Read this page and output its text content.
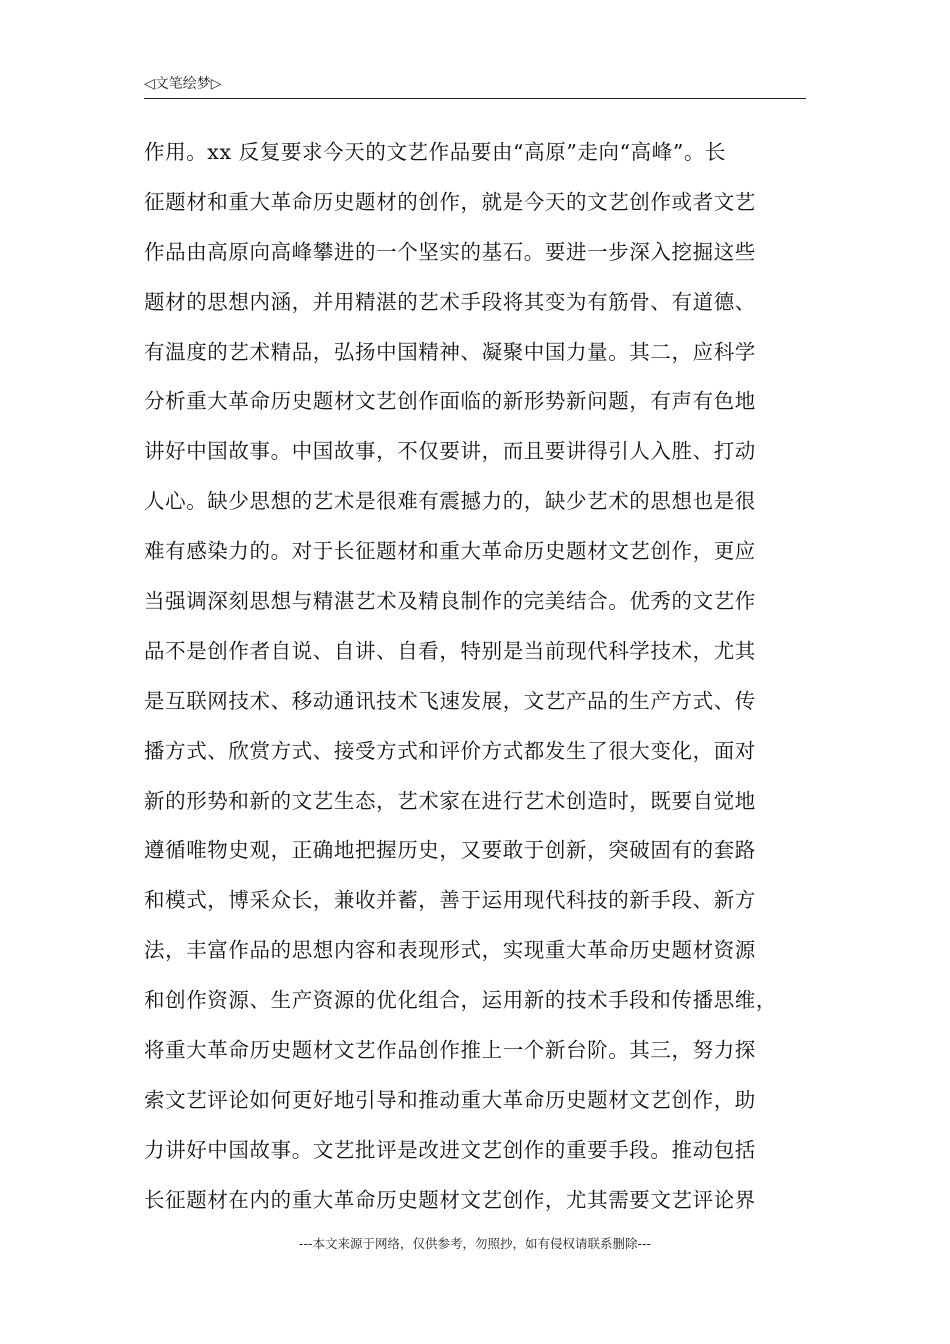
◁文笔绘梦▷
作用。xx 反复要求今天的文艺作品要由“高原”走向“高峰”。长
征题材和重大革命历史题材的创作，就是今天的文艺创作或者文艺
作品由高原向高峰攀进的一个坚实的基石。要进一步深入挖掘这些
题材的思想内涵，并用精湛的艺术手段将其变为有筋骨、有道德、
有温度的艺术精品，弘扬中国精神、凝聚中国力量。其二，应科学
分析重大革命历史题材文艺创作面临的新形势新问题，有声有色地
讲好中国故事。中国故事，不仅要讲，而且要讲得引人入胜、打动
人心。缺少思想的艺术是很难有震撼力的，缺少艺术的思想也是很
难有感染力的。对于长征题材和重大革命历史题材文艺创作，更应
当强调深刻思想与精湛艺术及精良制作的完美结合。优秀的文艺作
品不是创作者自说、自讲、自看，特别是当前现代科学技术，尤其
是互联网技术、移动通讯技术飞速发展，文艺产品的生产方式、传
播方式、欣赏方式、接受方式和评价方式都发生了很大变化，面对
新的形势和新的文艺生态，艺术家在进行艺术创造时，既要自觉地
遵循唯物史观，正确地把握历史，又要敢于创新，突破固有的套路
和模式，博采众长，兼收并蓄，善于运用现代科技的新手段、新方
法，丰富作品的思想内容和表现形式，实现重大革命历史题材资源
和创作资源、生产资源的优化组合，运用新的技术手段和传播思维，
将重大革命历史题材文艺作品创作推上一个新台阶。其三，努力探
索文艺评论如何更好地引导和推动重大革命历史题材文艺创作，助
力讲好中国故事。文艺批评是改进文艺创作的重要手段。推动包括
长征题材在内的重大革命历史题材文艺创作，尤其需要文艺评论界
---本文来源于网络，仅供参考，勿照抄，如有侵权请联系删除---
